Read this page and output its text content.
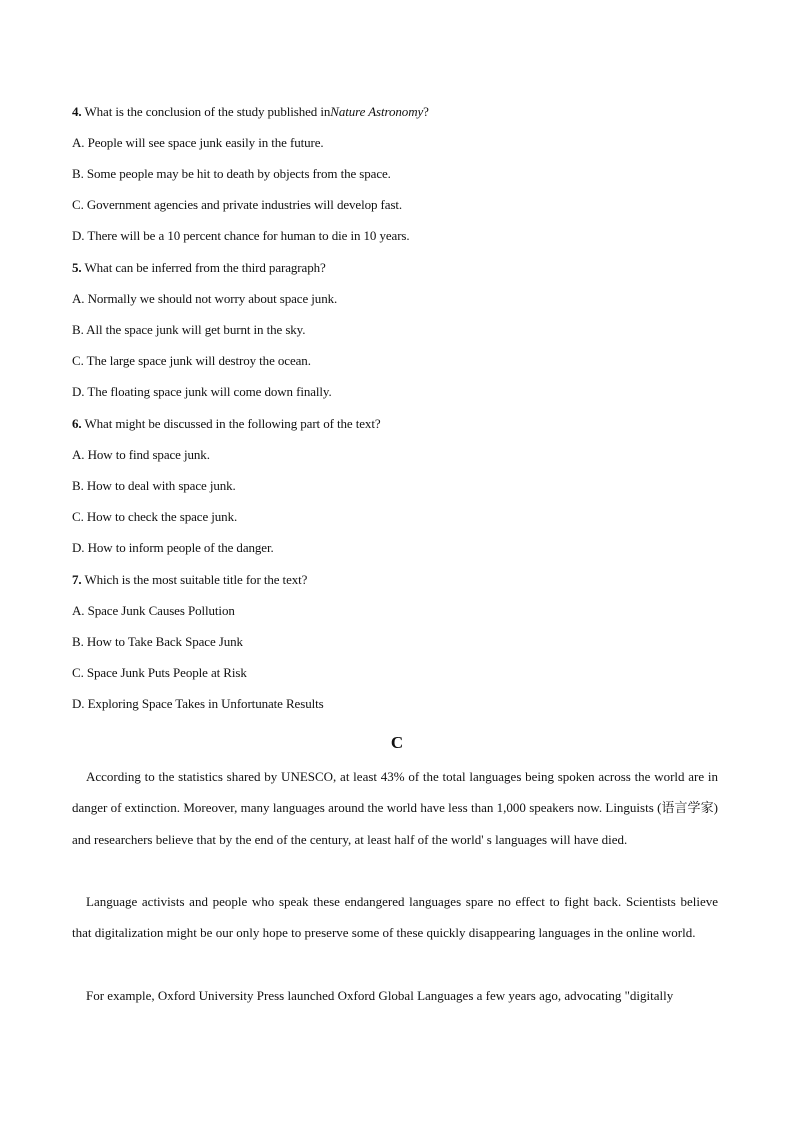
4. What is the conclusion of the study published inNature Astronomy?
A. People will see space junk easily in the future.
B. Some people may be hit to death by objects from the space.
C. Government agencies and private industries will develop fast.
D. There will be a 10 percent chance for human to die in 10 years.
5. What can be inferred from the third paragraph?
A. Normally we should not worry about space junk.
B. All the space junk will get burnt in the sky.
C. The large space junk will destroy the ocean.
D. The floating space junk will come down finally.
6. What might be discussed in the following part of the text?
A. How to find space junk.
B. How to deal with space junk.
C. How to check the space junk.
D. How to inform people of the danger.
7. Which is the most suitable title for the text?
A. Space Junk Causes Pollution
B. How to Take Back Space Junk
C. Space Junk Puts People at Risk
D. Exploring Space Takes in Unfortunate Results
C
According to the statistics shared by UNESCO, at least 43% of the total languages being spoken across the world are in danger of extinction. Moreover, many languages around the world have less than 1,000 speakers now. Linguists (语言学家) and researchers believe that by the end of the century, at least half of the world' s languages will have died.
Language activists and people who speak these endangered languages spare no effect to fight back. Scientists believe that digitalization might be our only hope to preserve some of these quickly disappearing languages in the online world.
For example, Oxford University Press launched Oxford Global Languages a few years ago, advocating "digitally
